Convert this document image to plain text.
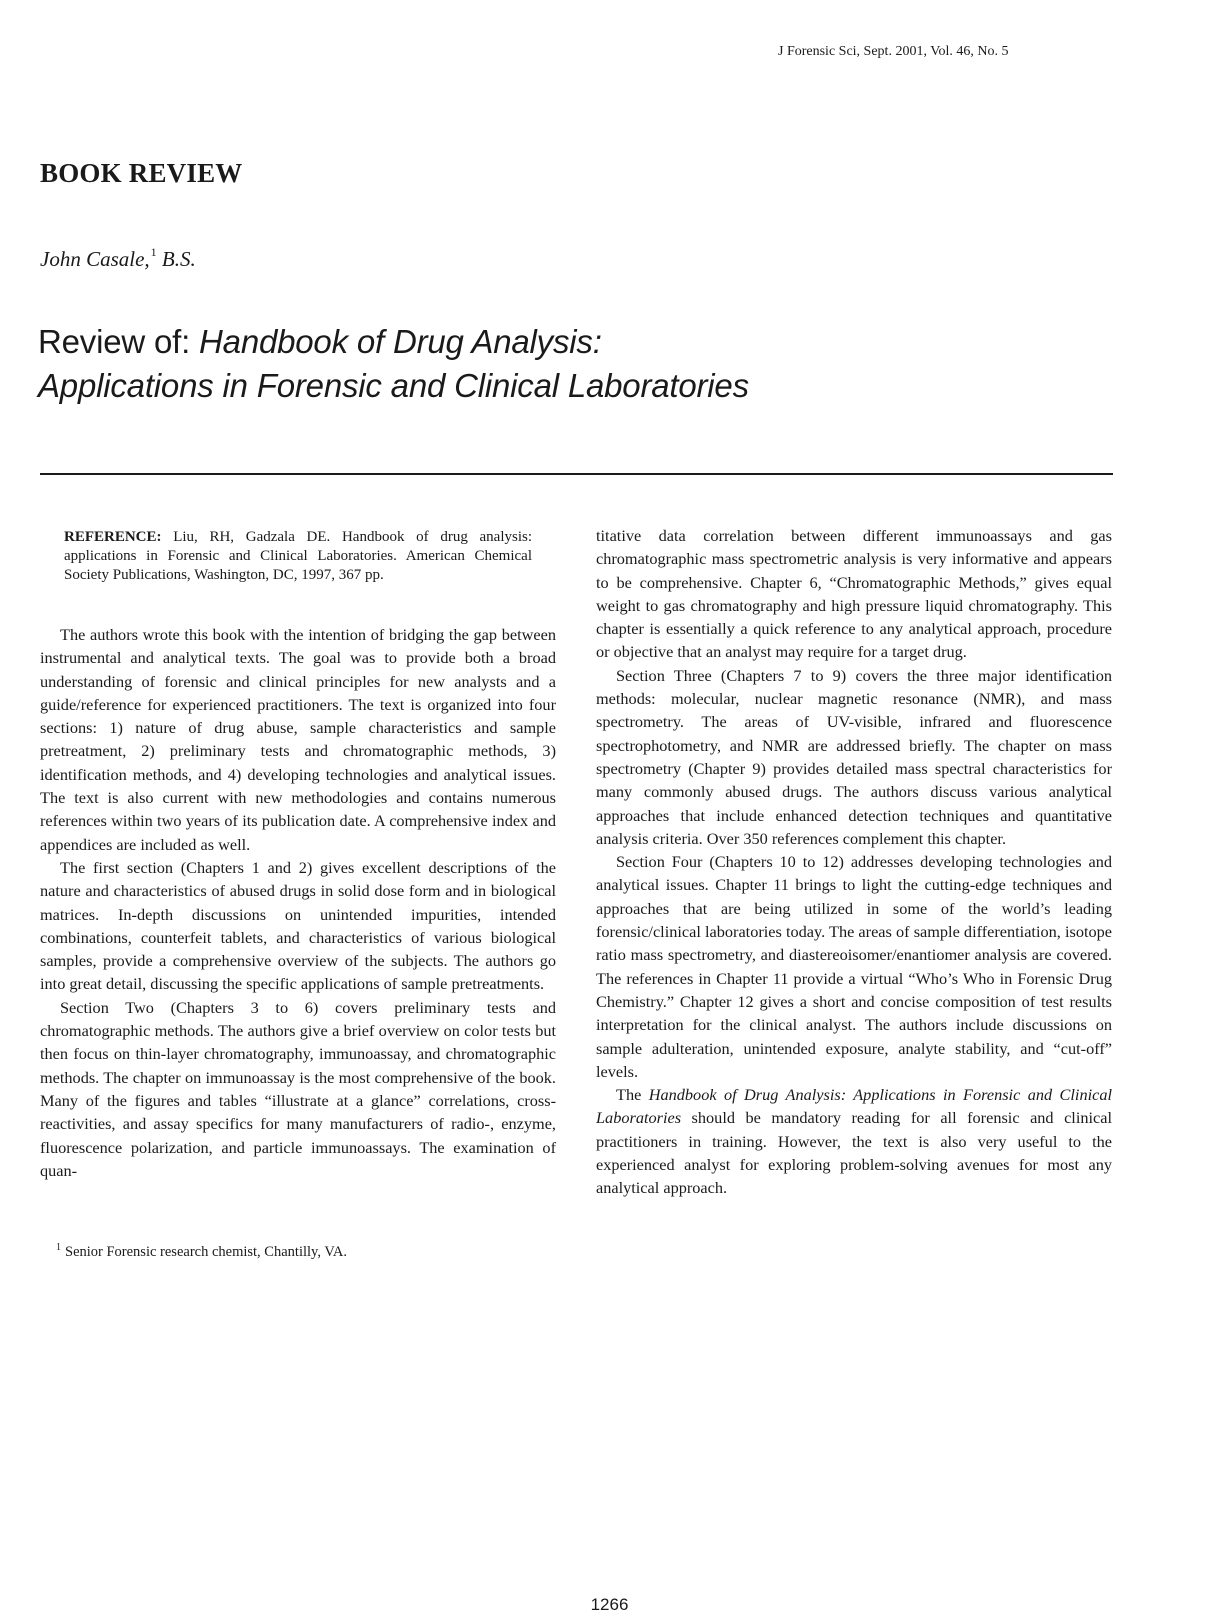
J Forensic Sci, Sept. 2001, Vol. 46, No. 5
BOOK REVIEW
John Casale,$^1$ B.S.
Review of: Handbook of Drug Analysis:
Applications in Forensic and Clinical Laboratories
REFERENCE: Liu, RH, Gadzala DE. Handbook of drug analysis: applications in Forensic and Clinical Laboratories. American Chemical Society Publications, Washington, DC, 1997, 367 pp.

The authors wrote this book with the intention of bridging the gap between instrumental and analytical texts. The goal was to provide both a broad understanding of forensic and clinical principles for new analysts and a guide/reference for experienced practitioners. The text is organized into four sections: 1) nature of drug abuse, sample characteristics and sample pretreatment, 2) preliminary tests and chromatographic methods, 3) identification methods, and 4) developing technologies and analytical issues. The text is also current with new methodologies and contains numerous references within two years of its publication date. A comprehensive index and appendices are included as well.

The first section (Chapters 1 and 2) gives excellent descriptions of the nature and characteristics of abused drugs in solid dose form and in biological matrices. In-depth discussions on unintended impurities, intended combinations, counterfeit tablets, and characteristics of various biological samples, provide a comprehensive overview of the subjects. The authors go into great detail, discussing the specific applications of sample pretreatments.

Section Two (Chapters 3 to 6) covers preliminary tests and chromatographic methods. The authors give a brief overview on color tests but then focus on thin-layer chromatography, immunoassay, and chromatographic methods. The chapter on immunoassay is the most comprehensive of the book. Many of the figures and tables “illustrate at a glance” correlations, cross-reactivities, and assay specifics for many manufacturers of radio-, enzyme, fluorescence polarization, and particle immunoassays. The examination of quan-

titative data correlation between different immunoassays and gas chromatographic mass spectrometric analysis is very informative and appears to be comprehensive. Chapter 6, “Chromatographic Methods,” gives equal weight to gas chromatography and high pressure liquid chromatography. This chapter is essentially a quick reference to any analytical approach, procedure or objective that an analyst may require for a target drug.

Section Three (Chapters 7 to 9) covers the three major identification methods: molecular, nuclear magnetic resonance (NMR), and mass spectrometry. The areas of UV-visible, infrared and fluorescence spectrophotometry, and NMR are addressed briefly. The chapter on mass spectrometry (Chapter 9) provides detailed mass spectral characteristics for many commonly abused drugs. The authors discuss various analytical approaches that include enhanced detection techniques and quantitative analysis criteria. Over 350 references complement this chapter.

Section Four (Chapters 10 to 12) addresses developing technologies and analytical issues. Chapter 11 brings to light the cutting-edge techniques and approaches that are being utilized in some of the world’s leading forensic/clinical laboratories today. The areas of sample differentiation, isotope ratio mass spectrometry, and diastereoisomer/enantiomer analysis are covered. The references in Chapter 11 provide a virtual “Who’s Who in Forensic Drug Chemistry.” Chapter 12 gives a short and concise composition of test results interpretation for the clinical analyst. The authors include discussions on sample adulteration, unintended exposure, analyte stability, and “cut-off” levels.

The Handbook of Drug Analysis: Applications in Forensic and Clinical Laboratories should be mandatory reading for all forensic and clinical practitioners in training. However, the text is also very useful to the experienced analyst for exploring problem-solving avenues for most any analytical approach.

$^1$ Senior Forensic research chemist, Chantilly, VA.
1266
